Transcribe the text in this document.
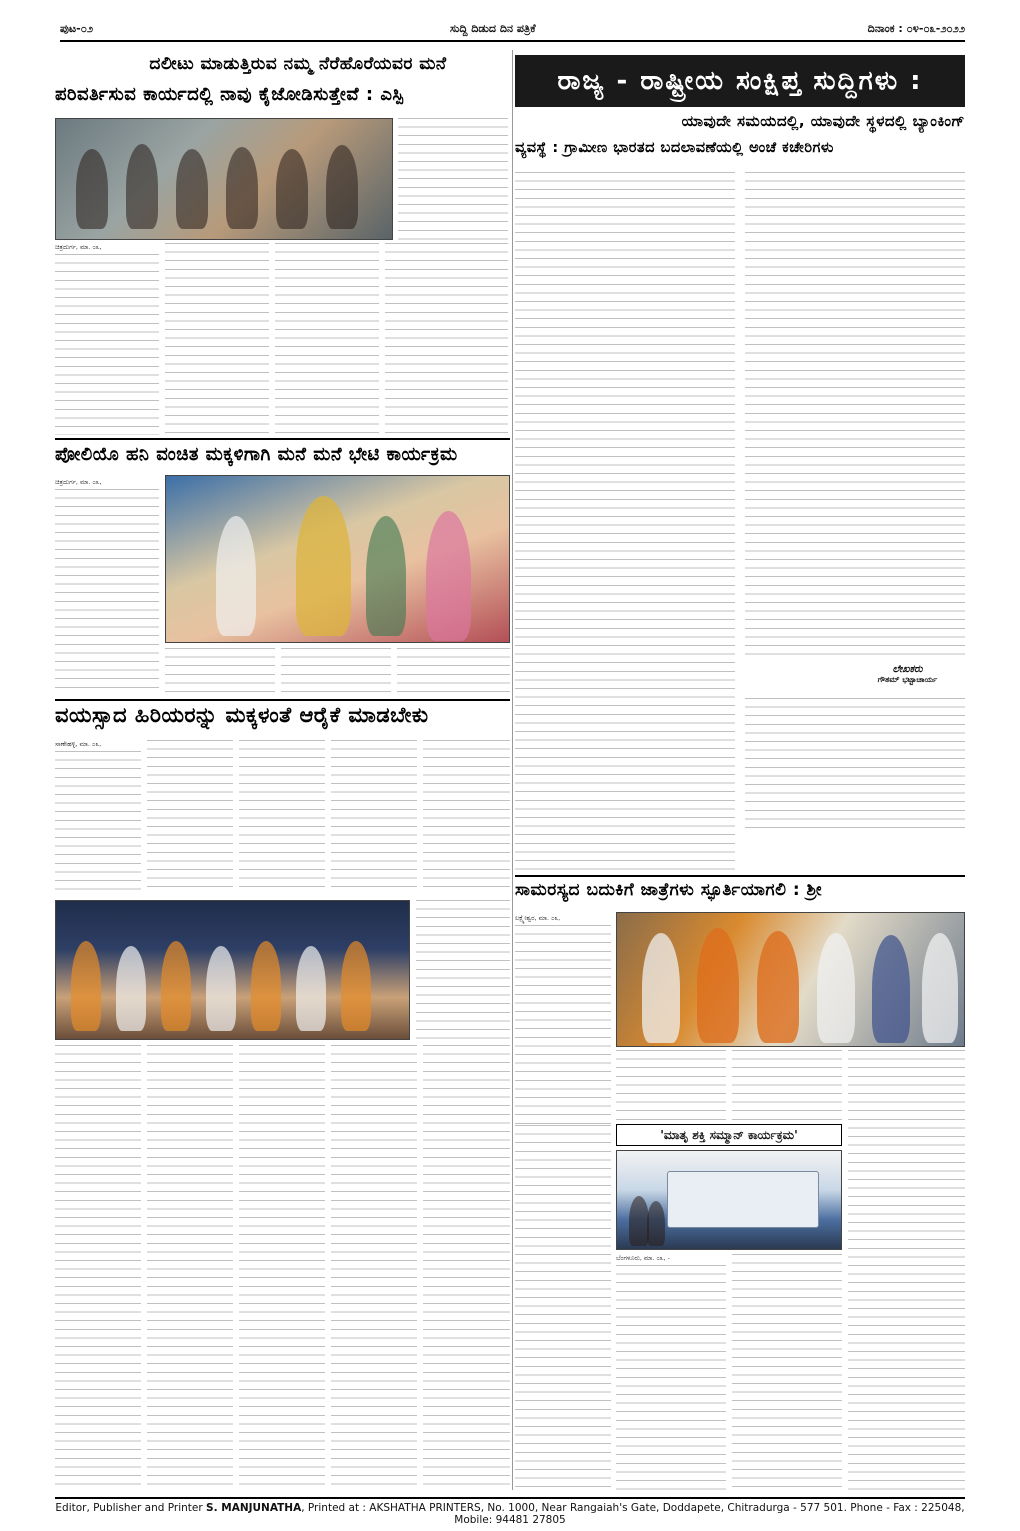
ಪುಟ-೦೨	ಸುದ್ದಿ ದಿಡುದ ದಿನ ಪತ್ರಿಕೆ	ದಿನಾಂಕ : ೦೪-೦೩-೨೦೨೨
ದಲೀಟು ಮಾಡುತ್ತಿರುವ ನಮ್ಮ ನೆರೆಹೊರೆಯವರ ಮನೆ
ಪರಿವರ್ತಿಸುವ ಕಾರ್ಯದಲ್ಲಿ ನಾವು ಕೈಜೋಡಿಸುತ್ತೇವೆ : ಎಸ್ಪಿ
ಚಿತ್ರದುರ್ಗ, ಮಾ. ೦೩,
ಪೋಲಿಯೊ ಹನಿ ವಂಚಿತ ಮಕ್ಕಳಿಗಾಗಿ ಮನೆ ಮನೆ ಭೇಟಿ ಕಾರ್ಯಕ್ರಮ
ಚಿತ್ರದುರ್ಗ, ಮಾ. ೦೩,
ವಯಸ್ಸಾದ ಹಿರಿಯರನ್ನು ಮಕ್ಕಳಂತೆ ಆರೈಕೆ ಮಾಡಬೇಕು
ಸಾಣೇಹಳ್ಳಿ, ಮಾ. ೦೩,
ರಾಜ್ಯ - ರಾಷ್ಟ್ರೀಯ ಸಂಕ್ಷಿಪ್ತ ಸುದ್ದಿಗಳು :
ಯಾವುದೇ ಸಮಯದಲ್ಲಿ, ಯಾವುದೇ ಸ್ಥಳದಲ್ಲಿ ಬ್ಯಾಂಕಿಂಗ್
ವ್ಯವಸ್ಥೆ : ಗ್ರಾಮೀಣ ಭಾರತದ ಬದಲಾವಣೆಯಲ್ಲಿ ಅಂಚೆ ಕಚೇರಿಗಳು
ಲೇಖಕರು
ಗೌತಮ್ ಭಟ್ಟಾಚಾರ್ಯ
ಸಾಮರಸ್ಯದ ಬದುಕಿಗೆ ಜಾತ್ರೆಗಳು ಸ್ಫೂರ್ತಿಯಾಗಲಿ : ಶ್ರೀ
ಲಕ್ಷ್ಮೇಶ್ವರ, ಮಾ. ೦೩,
'ಮಾತೃ ಶಕ್ತಿ ಸಮ್ಮಾನ್ ಕಾರ್ಯಕ್ರಮ'
ಬೆಂಗಳೂರು, ಮಾ. ೦೩, -
Editor, Publisher and Printer S. MANJUNATHA, Printed at : AKSHATHA PRINTERS, No. 1000, Near Rangaiah's Gate, Doddapete, Chitradurga - 577 501. Phone - Fax : 225048, Mobile: 94481 27805
